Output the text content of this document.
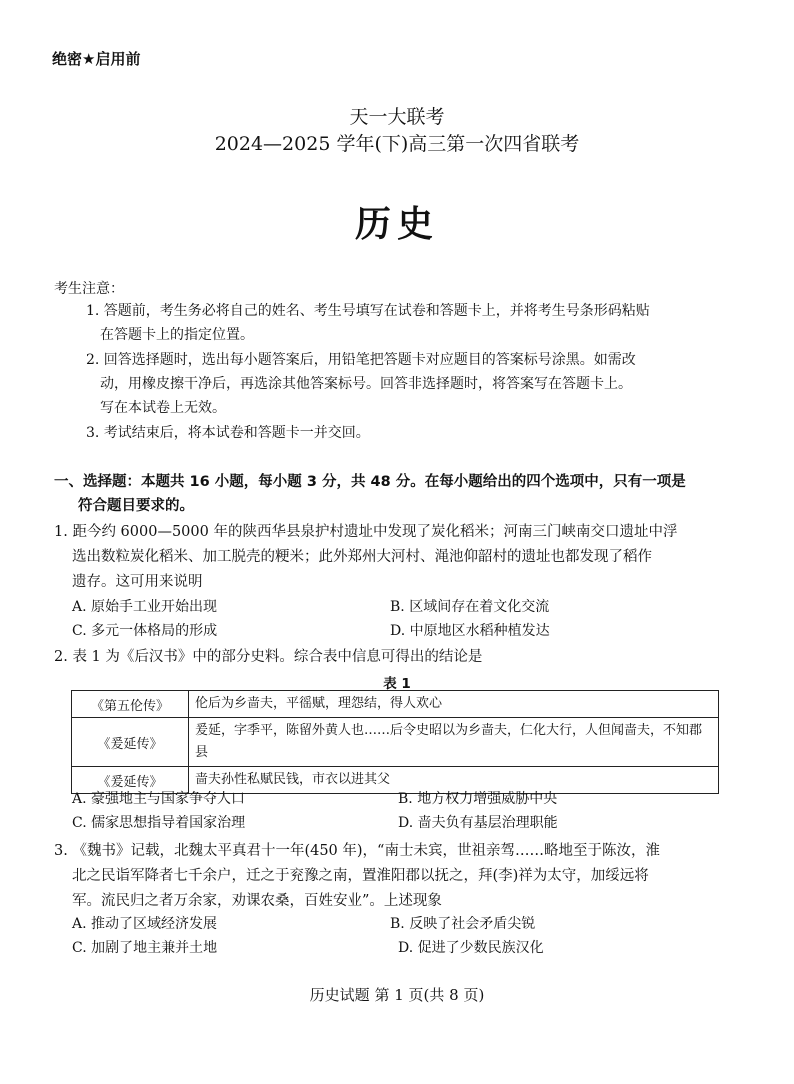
绝密★启用前
天一大联考
2024—2025 学年(下)高三第一次四省联考
历史
考生注意：
1. 答题前，考生务必将自己的姓名、考生号填写在试卷和答题卡上，并将考生号条形码粘贴
在答题卡上的指定位置。
2. 回答选择题时，选出每小题答案后，用铅笔把答题卡对应题目的答案标号涂黑。如需改
动，用橡皮擦干净后，再选涂其他答案标号。回答非选择题时，将答案写在答题卡上。
写在本试卷上无效。
3. 考试结束后，将本试卷和答题卡一并交回。
一、选择题：本题共 16 小题，每小题 3 分，共 48 分。在每小题给出的四个选项中，只有一项是
符合题目要求的。
1. 距今约 6000—5000 年的陕西华县泉护村遗址中发现了炭化稻米；河南三门峡南交口遗址中浮
选出数粒炭化稻米、加工脱壳的粳米；此外郑州大河村、渑池仰韶村的遗址也都发现了稻作
遗存。这可用来说明
A. 原始手工业开始出现	B. 区域间存在着文化交流
C. 多元一体格局的形成	D. 中原地区水稻种植发达
2. 表 1 为《后汉书》中的部分史料。综合表中信息可得出的结论是
表 1
《第五伦传》	伦后为乡啬夫，平徭赋，理怨结，得人欢心
《爰延传》	爰延，字季平，陈留外黄人也……后令史昭以为乡啬夫，仁化大行，人但闻啬夫，不知郡县
《爰延传》	啬夫孙性私赋民钱，市衣以进其父
A. 豪强地主与国家争夺人口	B. 地方权力增强威胁中央
C. 儒家思想指导着国家治理	D. 啬夫负有基层治理职能
3. 《魏书》记载，北魏太平真君十一年(450 年)，“南士未宾，世祖亲驾……略地至于陈汝，淮
北之民诣军降者七千余户，迁之于兖豫之南，置淮阳郡以抚之，拜(李)祥为太守，加绥远将
军。流民归之者万余家，劝课农桑，百姓安业”。上述现象
A. 推动了区域经济发展	B. 反映了社会矛盾尖锐
C. 加剧了地主兼并土地	D. 促进了少数民族汉化
历史试题 第 1 页(共 8 页)
